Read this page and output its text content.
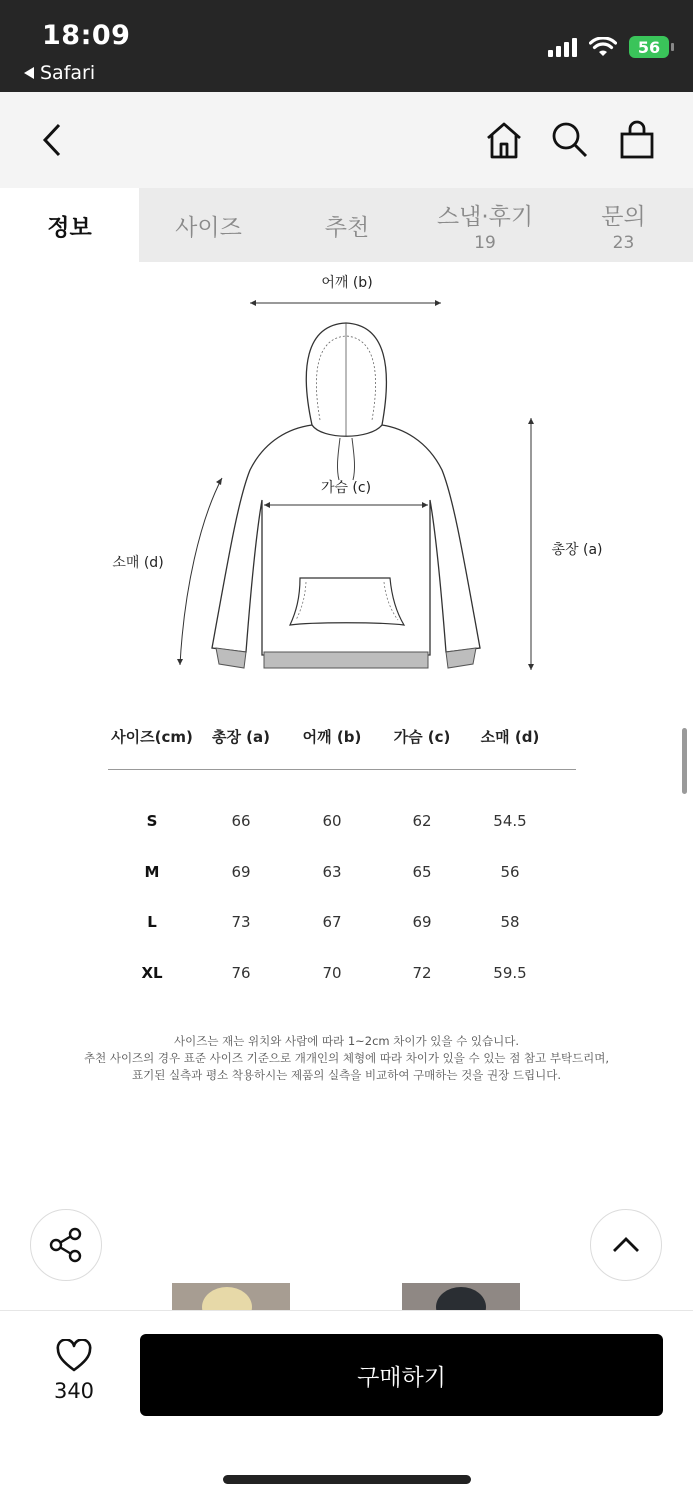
18:09
Safari
56
정보	사이즈	추천	스냅·후기
19
문의
23
어깨 (b)
가슴 (c)
소매 (d)
총장 (a)
사이즈(cm)	총장 (a)	어깨 (b)	가슴 (c)	소매 (d)
S	66	60	62	54.5
M	69	63	65	56
L	73	67	69	58
XL	76	70	72	59.5
사이즈는 재는 위치와 사람에 따라 1~2cm 차이가 있을 수 있습니다.
추천 사이즈의 경우 표준 사이즈 기준으로 개개인의 체형에 따라 차이가 있을 수 있는 점 참고 부탁드리며,
표기된 실측과 평소 착용하시는 제품의 실측을 비교하여 구매하는 것을 권장 드립니다.
340
구매하기
